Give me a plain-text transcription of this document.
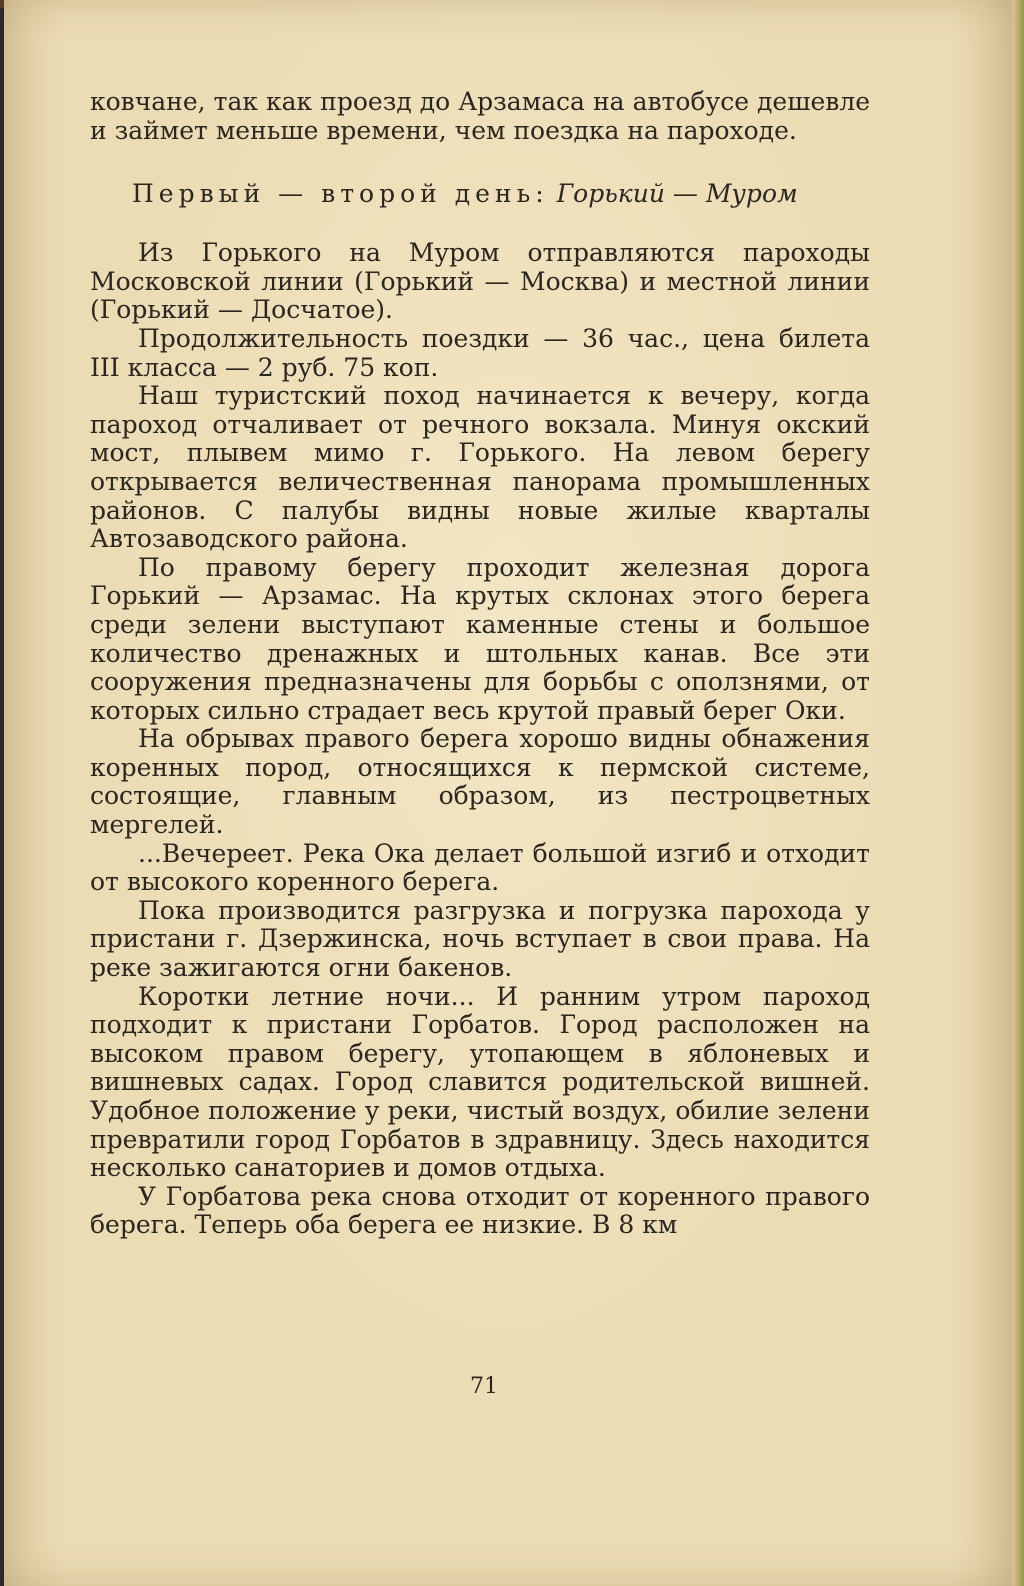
ковчане, так как проезд до Арзамаса на автобусе дешевле и займет меньше времени, чем поездка на пароходе.

Первый — второй день: Горький — Муром

Из Горького на Муром отправляются пароходы Московской линии (Горький — Москва) и местной линии (Горький — Досчатое).

Продолжительность поездки — 36 час., цена билета III класса — 2 руб. 75 коп.

Наш туристский поход начинается к вечеру, когда пароход отчаливает от речного вокзала. Минуя окский мост, плывем мимо г. Горького. На левом берегу открывается величественная панорама промышленных районов. С палубы видны новые жилые кварталы Автозаводского района.

По правому берегу проходит железная дорога Горький — Арзамас. На крутых склонах этого берега среди зелени выступают каменные стены и большое количество дренажных и штольных канав. Все эти сооружения предназначены для борьбы с оползнями, от которых сильно страдает весь крутой правый берег Оки.

На обрывах правого берега хорошо видны обнажения коренных пород, относящихся к пермской системе, состоящие, главным образом, из пестроцветных мергелей.

...Вечереет. Река Ока делает большой изгиб и отходит от высокого коренного берега.

Пока производится разгрузка и погрузка парохода у пристани г. Дзержинска, ночь вступает в свои права. На реке зажигаются огни бакенов.

Коротки летние ночи... И ранним утром пароход подходит к пристани Горбатов. Город расположен на высоком правом берегу, утопающем в яблоневых и вишневых садах. Город славится родительской вишней. Удобное положение у реки, чистый воздух, обилие зелени превратили город Горбатов в здравницу. Здесь находится несколько санаториев и домов отдыха.

У Горбатова река снова отходит от коренного правого берега. Теперь оба берега ее низкие. В 8 км

71
